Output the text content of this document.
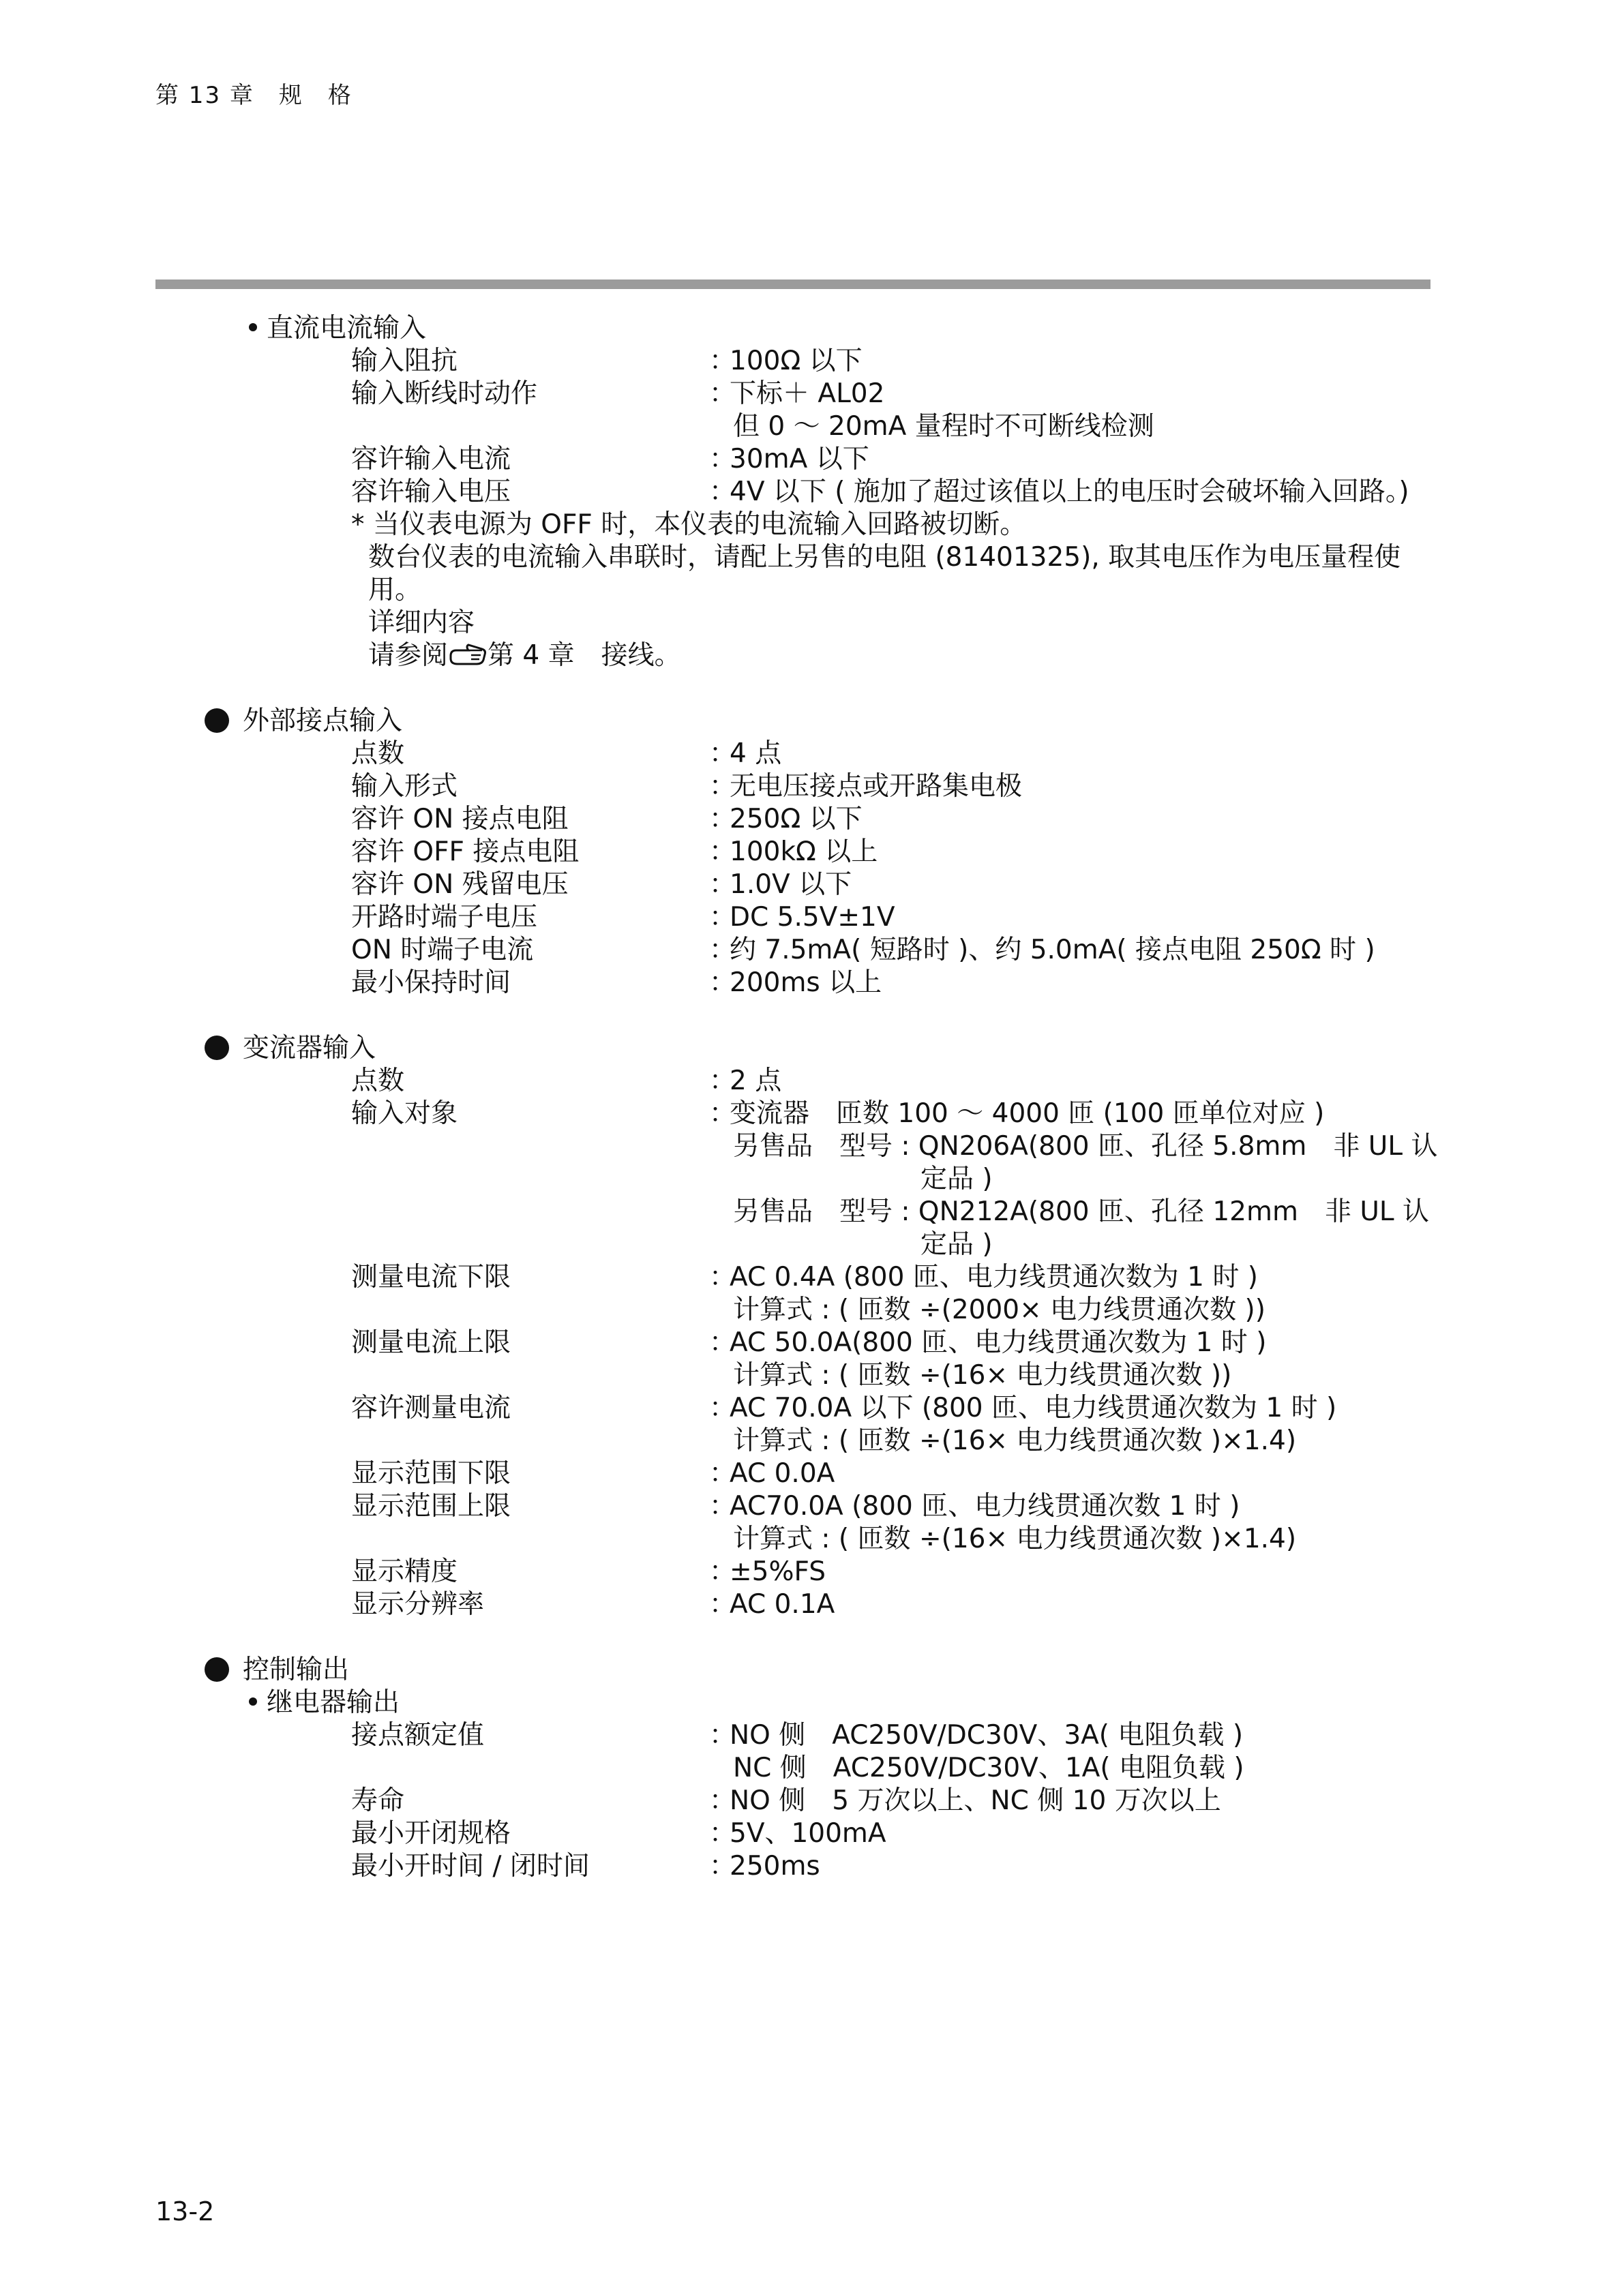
第 13 章　规　格
直流电流输入
输入阻抗	：100Ω 以下
输入断线时动作	：下标＋ AL02
但 0 ～ 20mA 量程时不可断线检测
容许输入电流	：30mA 以下
容许输入电压	：4V 以下 ( 施加了超过该值以上的电压时会破坏输入回路。)
* 当仪表电源为 OFF 时，本仪表的电流输入回路被切断。
数台仪表的电流输入串联时，请配上另售的电阻 (81401325), 取其电压作为电压量程使
用。
详细内容
请参阅 第 4 章　接线。
外部接点输入
点数	：4 点
输入形式	：无电压接点或开路集电极
容许 ON 接点电阻	：250Ω 以下
容许 OFF 接点电阻	：100kΩ 以上
容许 ON 残留电压	：1.0V 以下
开路时端子电压	：DC 5.5V±1V
ON 时端子电流	：约 7.5mA( 短路时 )、约 5.0mA( 接点电阻 250Ω 时 )
最小保持时间	：200ms 以上
变流器输入
点数	：2 点
输入对象	：变流器　匝数 100 ～ 4000 匝 (100 匝单位对应 )
另售品　型号 : QN206A(800 匝、孔径 5.8mm　非 UL 认
定品 )
另售品　型号 : QN212A(800 匝、孔径 12mm　非 UL 认
定品 )
测量电流下限	：AC 0.4A (800 匝、电力线贯通次数为 1 时 )
计算式 : ( 匝数 ÷(2000× 电力线贯通次数 ))
测量电流上限	：AC 50.0A(800 匝、电力线贯通次数为 1 时 )
计算式 : ( 匝数 ÷(16× 电力线贯通次数 ))
容许测量电流	：AC 70.0A 以下 (800 匝、电力线贯通次数为 1 时 )
计算式 : ( 匝数 ÷(16× 电力线贯通次数 )×1.4)
显示范围下限	：AC 0.0A
显示范围上限	：AC70.0A (800 匝、电力线贯通次数 1 时 )
计算式 : ( 匝数 ÷(16× 电力线贯通次数 )×1.4)
显示精度	：±5%FS
显示分辨率	：AC 0.1A
控制输出
继电器输出
接点额定值	：NO 侧　AC250V/DC30V、3A( 电阻负载 )
NC 侧　AC250V/DC30V、1A( 电阻负载 )
寿命	：NO 侧　5 万次以上、NC 侧 10 万次以上
最小开闭规格	：5V、100mA
最小开时间 / 闭时间	：250ms
13-2
